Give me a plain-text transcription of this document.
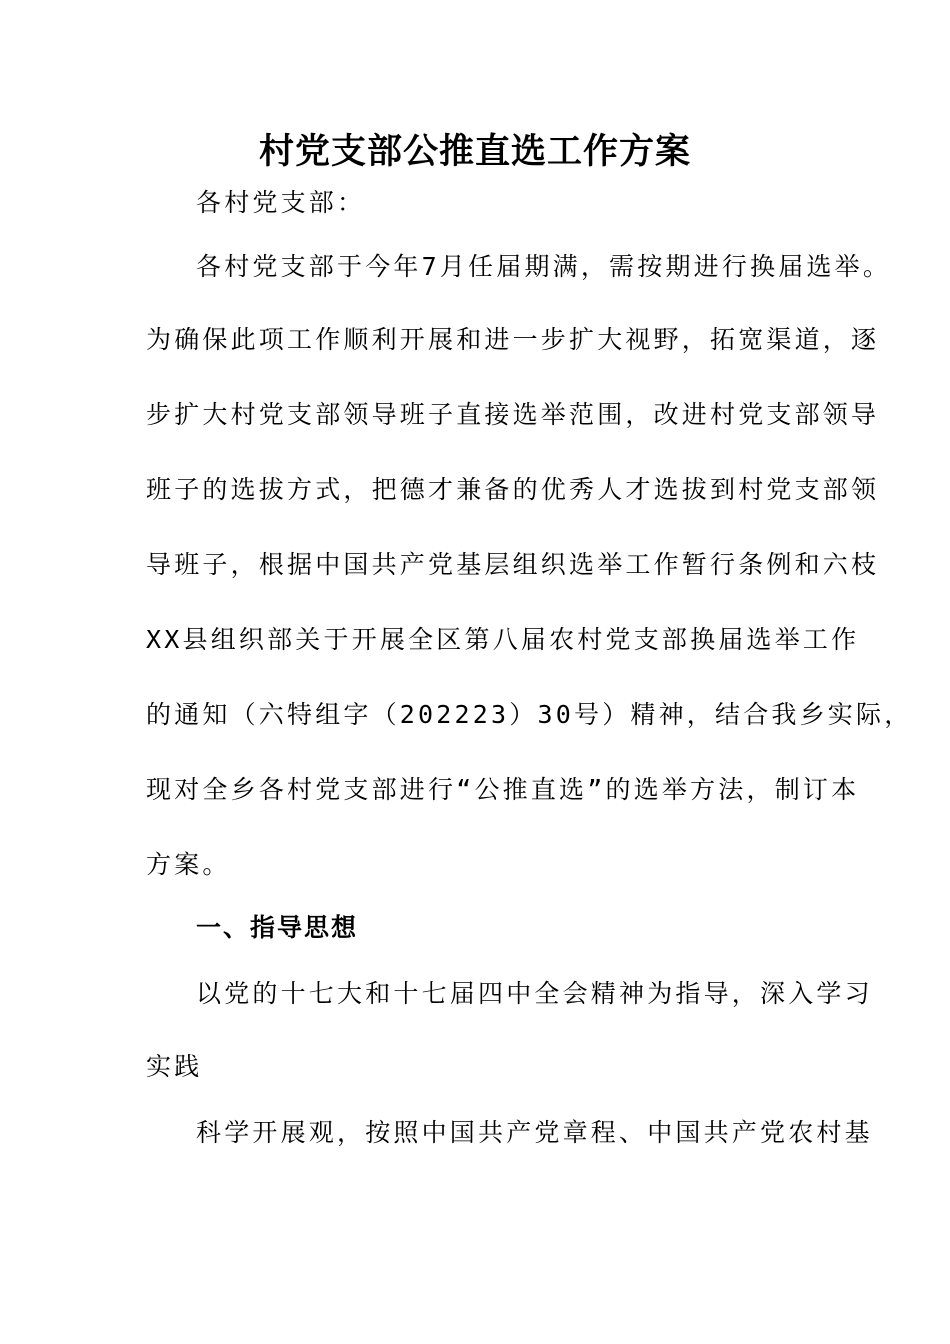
村党支部公推直选工作方案
各村党支部：
各村党支部于今年7月任届期满，需按期进行换届选举。
为确保此项工作顺利开展和进一步扩大视野，拓宽渠道，逐
步扩大村党支部领导班子直接选举范围，改进村党支部领导
班子的选拔方式，把德才兼备的优秀人才选拔到村党支部领
导班子，根据中国共产党基层组织选举工作暂行条例和六枝
XX县组织部关于开展全区第八届农村党支部换届选举工作
的通知（六特组字（202223）30号）精神，结合我乡实际，
现对全乡各村党支部进行“公推直选”的选举方法，制订本
方案。
一、指导思想
以党的十七大和十七届四中全会精神为指导，深入学习
实践
科学开展观，按照中国共产党章程、中国共产党农村基
